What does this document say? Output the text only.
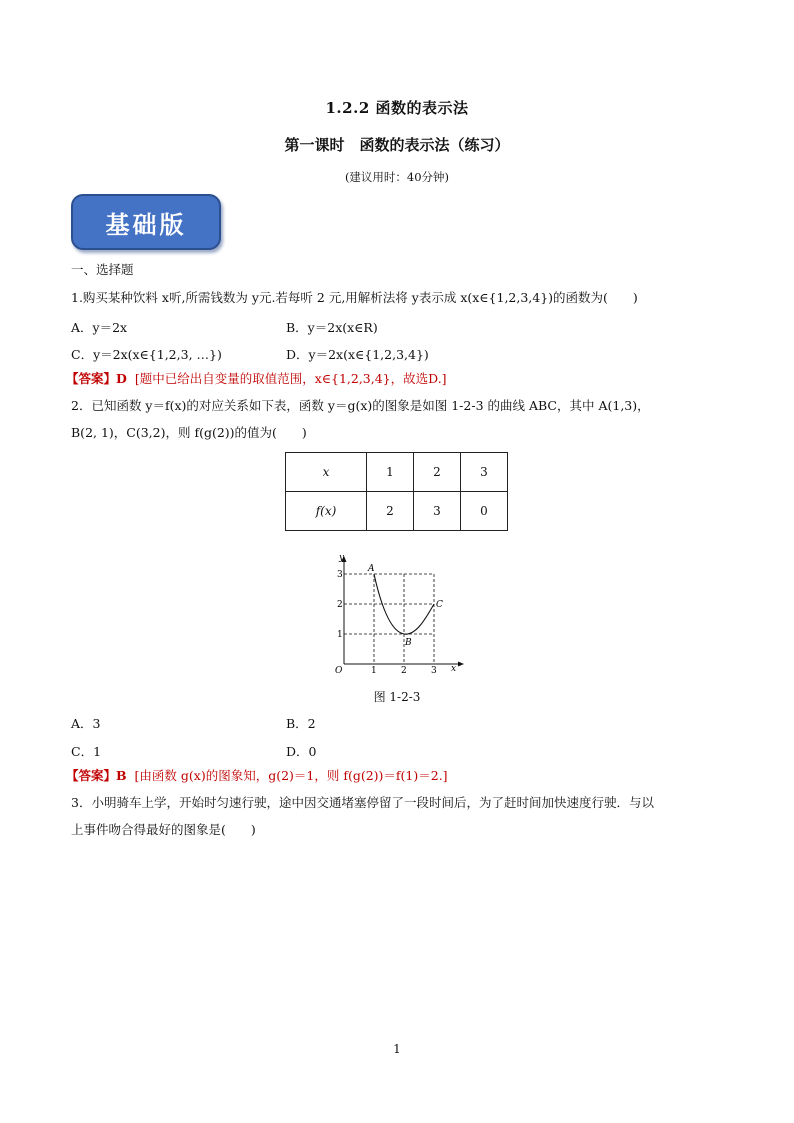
1.2.2 函数的表示法
第一课时　函数的表示法（练习）
(建议用时：40分钟)
基础版
一、选择题
1.购买某种饮料 x听,所需钱数为 y元.若每听 2 元,用解析法将 y表示成 x(x∈{1,2,3,4})的函数为(　　)
A．y＝2x	B．y＝2x(x∈R)
C．y＝2x(x∈{1,2,3, …})	D．y＝2x(x∈{1,2,3,4})
【答案】D [题中已给出自变量的取值范围，x∈{1,2,3,4}，故选D.]
2．已知函数 y＝f(x)的对应关系如下表，函数 y＝g(x)的图象是如图 1-2-3 的曲线 ABC，其中 A(1,3)，
B(2, 1)，C(3,2)，则 f(g(2))的值为(　　)
x	1	2	3
f(x)	2	3	0
y
x
O
1
2
3
1	2	3
A
B
C
图 1-2-3
A．3	B．2
C．1	D．0
【答案】B [由函数 g(x)的图象知，g(2)＝1，则 f(g(2))＝f(1)＝2.]
3．小明骑车上学，开始时匀速行驶，途中因交通堵塞停留了一段时间后，为了赶时间加快速度行驶．与以
上事件吻合得最好的图象是(　　)
1
